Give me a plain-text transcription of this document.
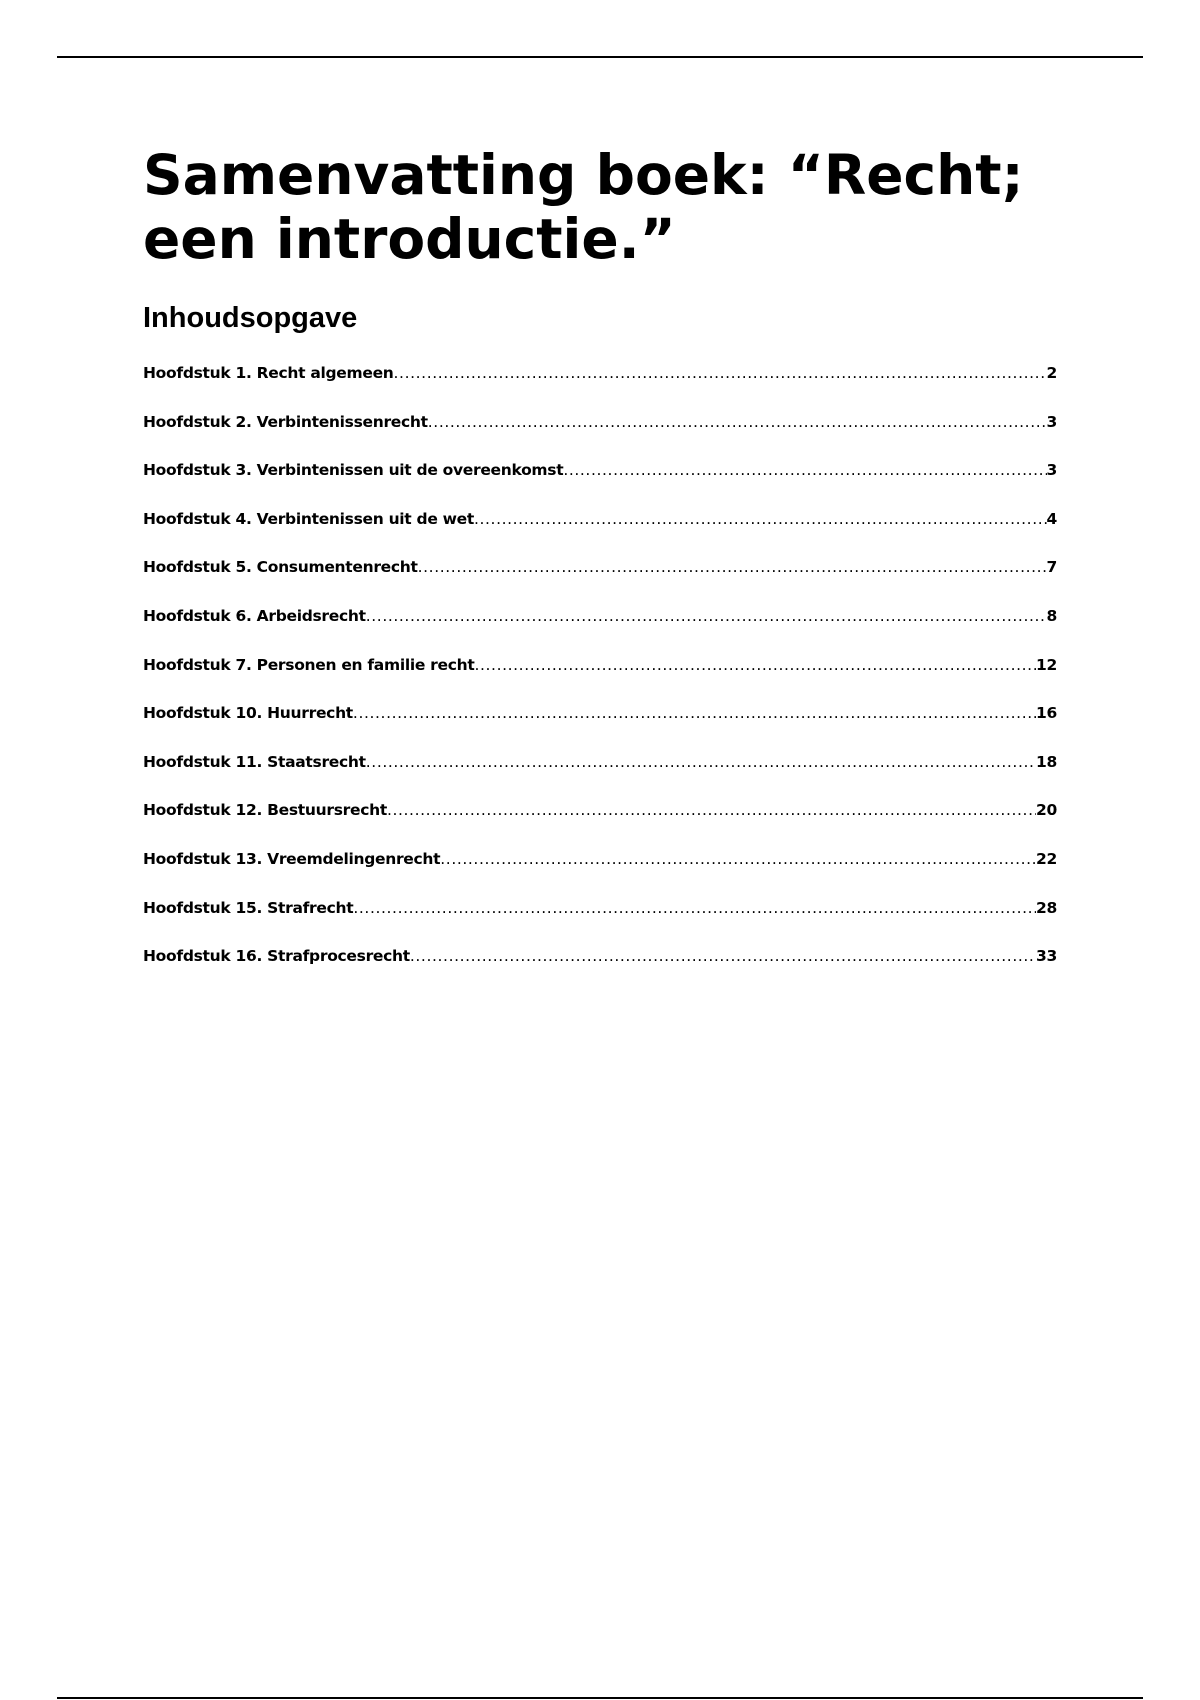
Samenvatting boek: “Recht; een introductie.”
Inhoudsopgave
Hoofdstuk 1. Recht algemeen .....	2
Hoofdstuk 2. Verbintenissenrecht .....	3
Hoofdstuk 3. Verbintenissen uit de overeenkomst .....	3
Hoofdstuk 4. Verbintenissen uit de wet .....	4
Hoofdstuk 5. Consumentenrecht .....	7
Hoofdstuk 6. Arbeidsrecht .....	8
Hoofdstuk 7. Personen en familie recht .....	12
Hoofdstuk 10. Huurrecht .....	16
Hoofdstuk 11. Staatsrecht .....	18
Hoofdstuk 12. Bestuursrecht .....	20
Hoofdstuk 13. Vreemdelingenrecht .....	22
Hoofdstuk 15. Strafrecht .....	28
Hoofdstuk 16. Strafprocesrecht .....	33
